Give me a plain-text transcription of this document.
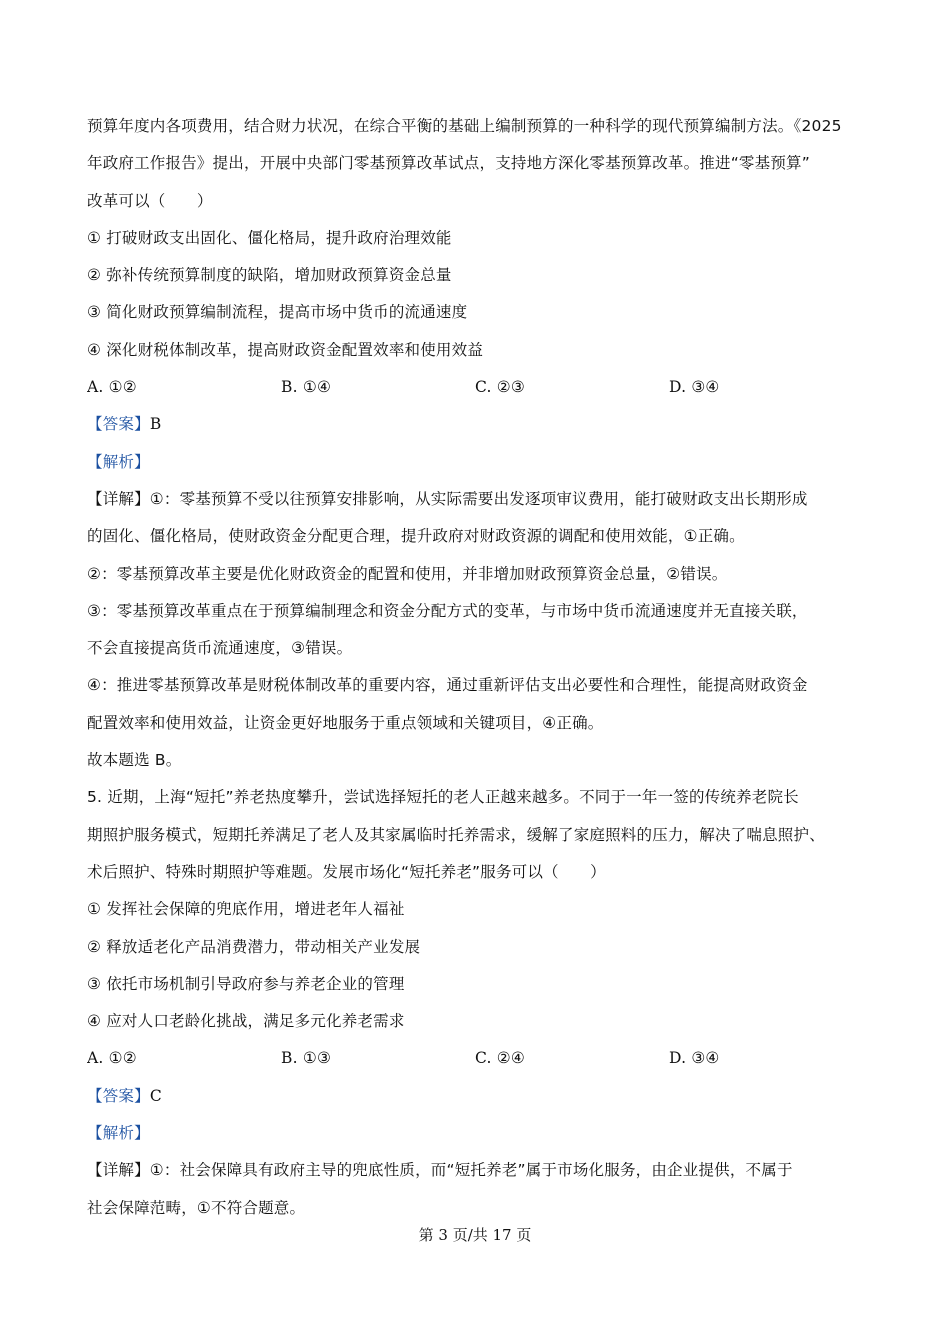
预算年度内各项费用，结合财力状况，在综合平衡的基础上编制预算的一种科学的现代预算编制方法。《2025
年政府工作报告》提出，开展中央部门零基预算改革试点，支持地方深化零基预算改革。推进“零基预算”
改革可以（　　）
① 打破财政支出固化、僵化格局，提升政府治理效能
② 弥补传统预算制度的缺陷，增加财政预算资金总量
③ 简化财政预算编制流程，提高市场中货币的流通速度
④ 深化财税体制改革，提高财政资金配置效率和使用效益
A. ①②	B. ①④	C. ②③	D. ③④
【答案】B
【解析】
【详解】①：零基预算不受以往预算安排影响，从实际需要出发逐项审议费用，能打破财政支出长期形成
的固化、僵化格局，使财政资金分配更合理，提升政府对财政资源的调配和使用效能，①正确。
②：零基预算改革主要是优化财政资金的配置和使用，并非增加财政预算资金总量，②错误。
③：零基预算改革重点在于预算编制理念和资金分配方式的变革，与市场中货币流通速度并无直接关联，
不会直接提高货币流通速度，③错误。
④：推进零基预算改革是财税体制改革的重要内容，通过重新评估支出必要性和合理性，能提高财政资金
配置效率和使用效益，让资金更好地服务于重点领域和关键项目，④正确。
故本题选 B。
5. 近期，上海“短托”养老热度攀升，尝试选择短托的老人正越来越多。不同于一年一签的传统养老院长
期照护服务模式，短期托养满足了老人及其家属临时托养需求，缓解了家庭照料的压力，解决了喘息照护、
术后照护、特殊时期照护等难题。发展市场化“短托养老”服务可以（　　）
① 发挥社会保障的兜底作用，增进老年人福祉
② 释放适老化产品消费潜力，带动相关产业发展
③ 依托市场机制引导政府参与养老企业的管理
④ 应对人口老龄化挑战，满足多元化养老需求
A. ①②	B. ①③	C. ②④	D. ③④
【答案】C
【解析】
【详解】①：社会保障具有政府主导的兜底性质，而“短托养老”属于市场化服务，由企业提供，不属于
社会保障范畴，①不符合题意。
第 3 页/共 17 页
